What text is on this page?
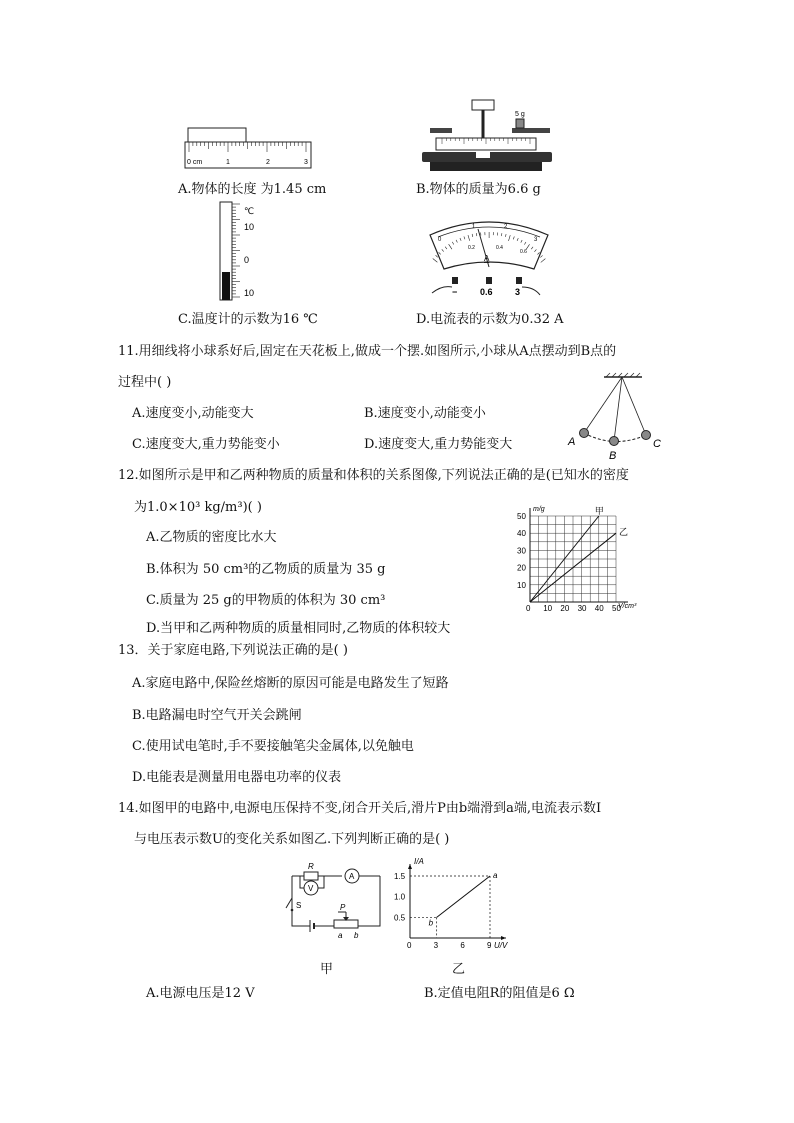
0 cm	1	2	3
5 g
A.物体的长度 为1.45 cm	B.物体的质量为6.6 g
℃
10
0
10
0
1	2
3
0.2	0.4
0.6
A
−	0.6 3
C.温度计的示数为16 ℃	D.电流表的示数为0.32 A
11.用细线将小球系好后,固定在天花板上,做成一个摆.如图所示,小球从A点摆动到B点的
过程中( )
A.速度变小,动能变大	B.速度变小,动能变小
C.速度变大,重力势能变小	D.速度变大,重力势能变大	A
B
C
12.如图所示是甲和乙两种物质的质量和体积的关系图像,下列说法正确的是(已知水的密度
为1.0×10³ kg/m³)( )
A.乙物质的密度比水大
B.体积为 50 cm³的乙物质的质量为 35 g
C.质量为 25 g的甲物质的体积为 30 cm³
D.当甲和乙两种物质的质量相同时,乙物质的体积较大
0 10 20 30 40 50
10
20
30
40
50
m/g
V/cm³
甲
乙
13．关于家庭电路,下列说法正确的是( )
A.家庭电路中,保险丝熔断的原因可能是电路发生了短路
B.电路漏电时空气开关会跳闸
C.使用试电笔时,手不要接触笔尖金属体,以免触电
D.电能表是测量用电器电功率的仪表
14.如图甲的电路中,电源电压保持不变,闭合开关后,滑片P由b端滑到a端,电流表示数I
与电压表示数U的变化关系如图乙.下列判断正确的是( )
R
V
A
S	P
a b
b
a
0	3	6	9
0.5
1.0
1.5
I/A
U/V
甲	乙
A.电源电压是12 V	B.定值电阻R的阻值是6 Ω
